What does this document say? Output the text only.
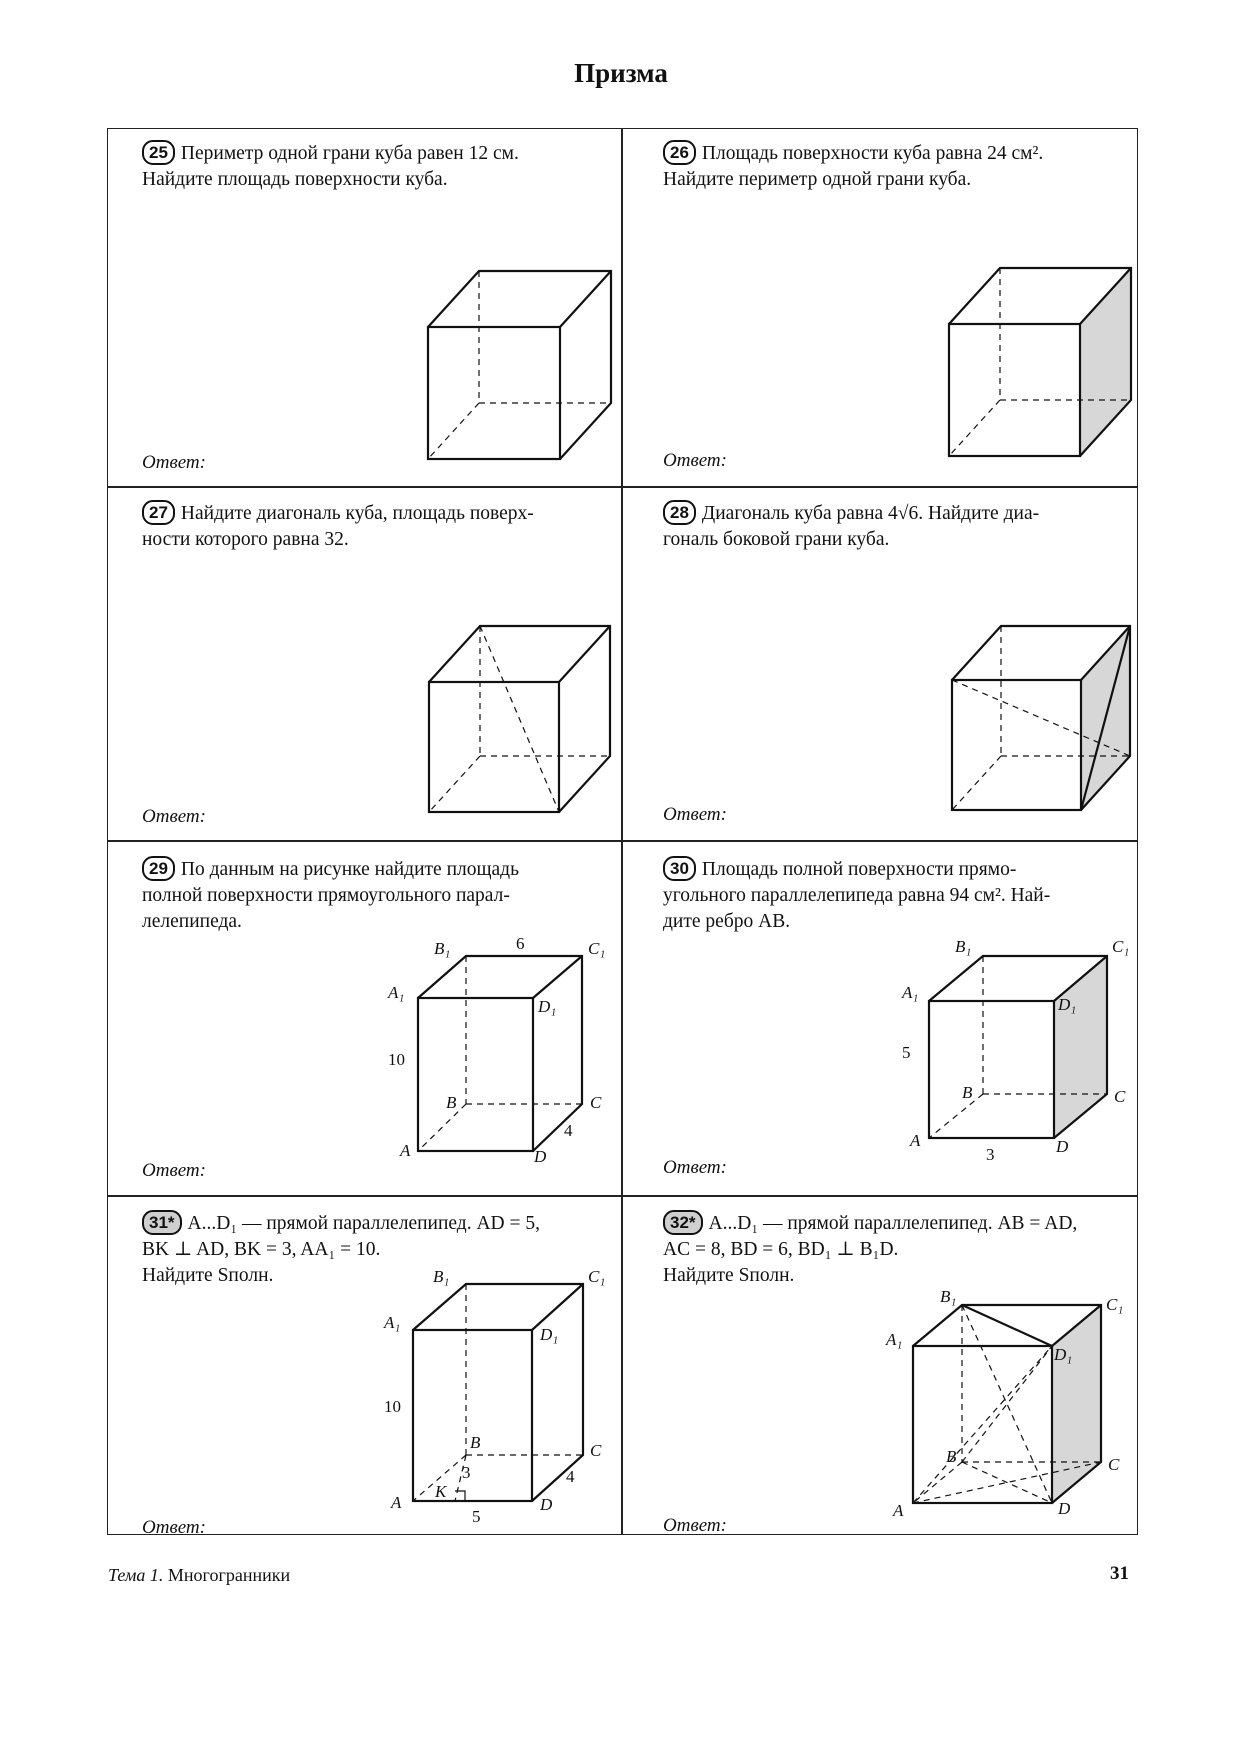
Призма
25 Периметр одной грани куба равен 12 см.
Найдите площадь поверхности куба.
Ответ:
26 Площадь поверхности куба равна 24 см².
Найдите периметр одной грани куба.
Ответ:
27 Найдите диагональ куба, площадь поверх-
ности которого равна 32.
Ответ:
28 Диагональ куба равна 4√6. Найдите диа-
гональ боковой грани куба.
Ответ:
29 По данным на рисунке найдите площадь
полной поверхности прямоугольного парал-
лелепипеда.
B₁	C₁
A₁
D₁
B	C
A	D
6
10
4
Ответ:
30 Площадь полной поверхности прямо-
угольного параллелепипеда равна 94 см². Най-
дите ребро AB.
B₁	C₁
A₁
D₁
B	C
A	D
5
3
Ответ:
31* A...D₁ — прямой параллелепипед. AD = 5,
BK ⊥ AD, BK = 3, AA₁ = 10.
Найдите Sполн.	B₁	C₁
A₁
D₁
B	C
A	D
K
10
3	4
5
Ответ:
32* A...D₁ — прямой параллелепипед. AB = AD,
AC = 8, BD = 6, BD₁ ⊥ B₁D.
Найдите Sполн.
B₁	C₁
A₁
D₁
B	C
A	D
Ответ:
Тема 1. Многогранники	31
